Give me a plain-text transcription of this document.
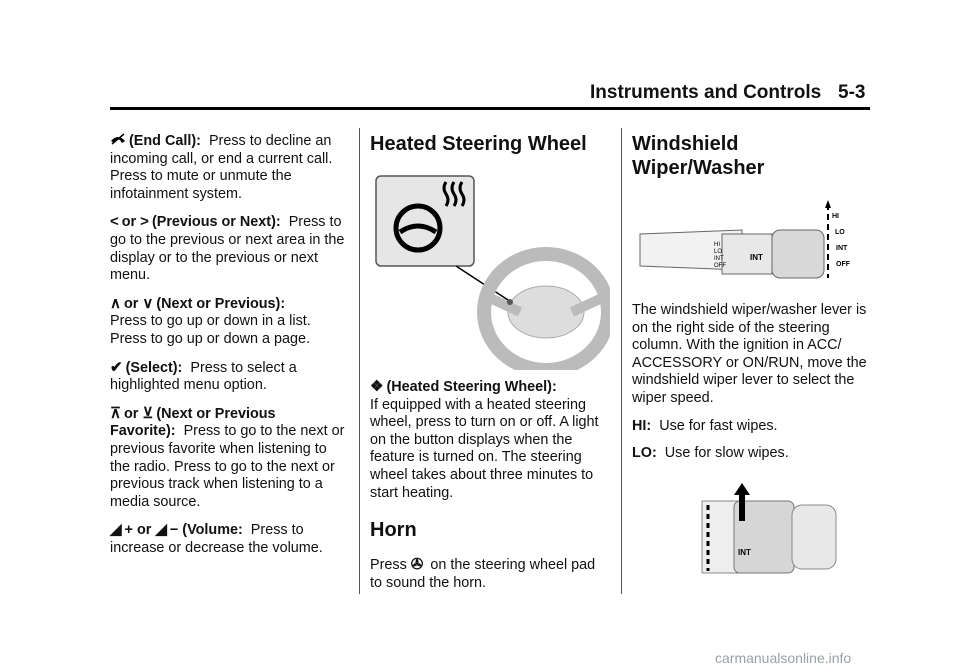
Instruments and Controls 5-3

(End Call): Press to decline an incoming call, or end a current call. Press to mute or unmute the infotainment system.

< or > (Previous or Next): Press to go to the previous or next area in the display or to the previous or next menu.

∧ or ∨ (Next or Previous):
Press to go up or down in a list. Press to go up or down a page.

✔ (Select): Press to select a highlighted menu option.

⊼ or ⊻ (Next or Previous Favorite): Press to go to the next or previous favorite when listening to the radio. Press to go to the next or previous track when listening to a media source.

◢ + or ◢ − (Volume: Press to increase or decrease the volume.

Heated Steering Wheel

❖ (Heated Steering Wheel):
If equipped with a heated steering wheel, press to turn on or off. A light on the button displays when the feature is turned on. The steering wheel takes about three minutes to start heating.

Horn

Press ✇ on the steering wheel pad to sound the horn.

Windshield Wiper/Washer
HI
LO
INT
OFF
HI
LO
INT
OFF
INT

The windshield wiper/washer lever is on the right side of the steering column. With the ignition in ACC/ ACCESSORY or ON/RUN, move the windshield wiper lever to select the wiper speed.

HI: Use for fast wipes.

LO: Use for slow wipes.

INT
carmanualsonline.info
